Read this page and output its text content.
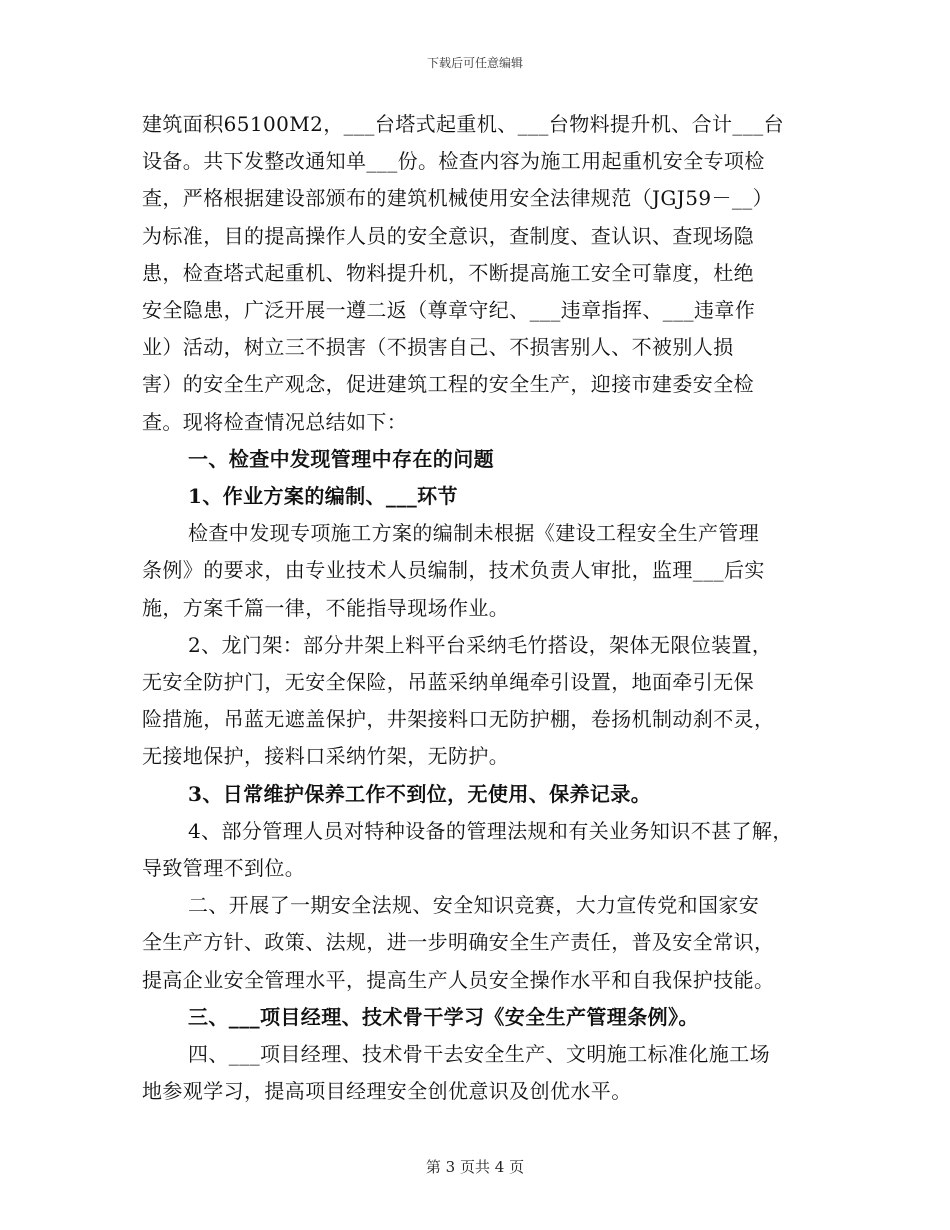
下载后可任意编辑

建筑面积65100M2，___台塔式起重机、___台物料提升机、合计___台

设备。共下发整改通知单___份。检查内容为施工用起重机安全专项检

查，严格根据建设部颁布的建筑机械使用安全法律规范（JGJ59－__）

为标准，目的提高操作人员的安全意识，查制度、查认识、查现场隐

患，检查塔式起重机、物料提升机，不断提高施工安全可靠度，杜绝

安全隐患，广泛开展一遵二返（尊章守纪、___违章指挥、___违章作

业）活动，树立三不损害（不损害自己、不损害别人、不被别人损

害）的安全生产观念，促进建筑工程的安全生产，迎接市建委安全检

查。现将检查情况总结如下：

一、检查中发现管理中存在的问题

1、作业方案的编制、___环节

检查中发现专项施工方案的编制未根据《建设工程安全生产管理

条例》的要求，由专业技术人员编制，技术负责人审批，监理___后实

施，方案千篇一律，不能指导现场作业。

2、龙门架：部分井架上料平台采纳毛竹搭设，架体无限位装置，

无安全防护门，无安全保险，吊蓝采纳单绳牵引设置，地面牵引无保

险措施，吊蓝无遮盖保护，井架接料口无防护棚，卷扬机制动刹不灵，

无接地保护，接料口采纳竹架，无防护。

3、日常维护保养工作不到位，无使用、保养记录。

4、部分管理人员对特种设备的管理法规和有关业务知识不甚了解，

导致管理不到位。

二、开展了一期安全法规、安全知识竞赛，大力宣传党和国家安

全生产方针、政策、法规，进一步明确安全生产责任，普及安全常识，

提高企业安全管理水平，提高生产人员安全操作水平和自我保护技能。

三、___项目经理、技术骨干学习《安全生产管理条例》。

四、___项目经理、技术骨干去安全生产、文明施工标准化施工场

地参观学习，提高项目经理安全创优意识及创优水平。

第 3 页共 4 页
